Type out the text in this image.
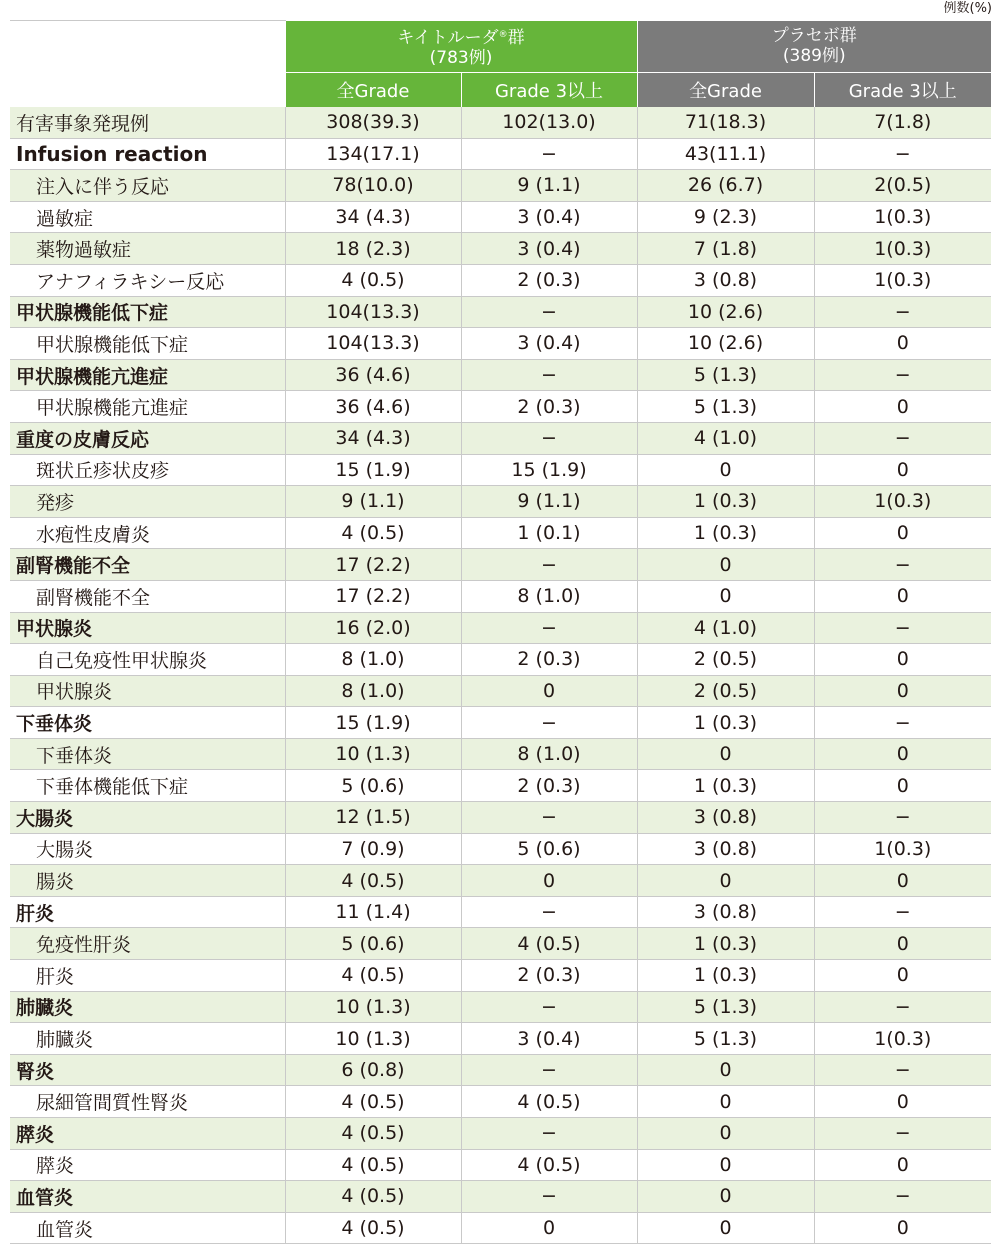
例数(%)
	キイトルーダ®群
(783例)		プラセボ群
(389例)	
	全Grade	Grade 3以上	全Grade	Grade 3以上
有害事象発現例	308(39.3)	102(13.0)	71(18.3)	7(1.8)
Infusion reaction	134(17.1)	−	43(11.1)	−
注入に伴う反応	78(10.0)	9 (1.1)	26 (6.7)	2(0.5)
過敏症	34 (4.3)	3 (0.4)	9 (2.3)	1(0.3)
薬物過敏症	18 (2.3)	3 (0.4)	7 (1.8)	1(0.3)
アナフィラキシー反応	4 (0.5)	2 (0.3)	3 (0.8)	1(0.3)
甲状腺機能低下症	104(13.3)	−	10 (2.6)	−
甲状腺機能低下症	104(13.3)	3 (0.4)	10 (2.6)	0
甲状腺機能亢進症	36 (4.6)	−	5 (1.3)	−
甲状腺機能亢進症	36 (4.6)	2 (0.3)	5 (1.3)	0
重度の皮膚反応	34 (4.3)	−	4 (1.0)	−
斑状丘疹状皮疹	15 (1.9)	15 (1.9)	0	0
発疹	9 (1.1)	9 (1.1)	1 (0.3)	1(0.3)
水疱性皮膚炎	4 (0.5)	1 (0.1)	1 (0.3)	0
副腎機能不全	17 (2.2)	−	0	−
副腎機能不全	17 (2.2)	8 (1.0)	0	0
甲状腺炎	16 (2.0)	−	4 (1.0)	−
自己免疫性甲状腺炎	8 (1.0)	2 (0.3)	2 (0.5)	0
甲状腺炎	8 (1.0)	0	2 (0.5)	0
下垂体炎	15 (1.9)	−	1 (0.3)	−
下垂体炎	10 (1.3)	8 (1.0)	0	0
下垂体機能低下症	5 (0.6)	2 (0.3)	1 (0.3)	0
大腸炎	12 (1.5)	−	3 (0.8)	−
大腸炎	7 (0.9)	5 (0.6)	3 (0.8)	1(0.3)
腸炎	4 (0.5)	0	0	0
肝炎	11 (1.4)	−	3 (0.8)	−
免疫性肝炎	5 (0.6)	4 (0.5)	1 (0.3)	0
肝炎	4 (0.5)	2 (0.3)	1 (0.3)	0
肺臓炎	10 (1.3)	−	5 (1.3)	−
肺臓炎	10 (1.3)	3 (0.4)	5 (1.3)	1(0.3)
腎炎	6 (0.8)	−	0	−
尿細管間質性腎炎	4 (0.5)	4 (0.5)	0	0
膵炎	4 (0.5)	−	0	−
膵炎	4 (0.5)	4 (0.5)	0	0
血管炎	4 (0.5)	−	0	−
血管炎	4 (0.5)	0	0	0
